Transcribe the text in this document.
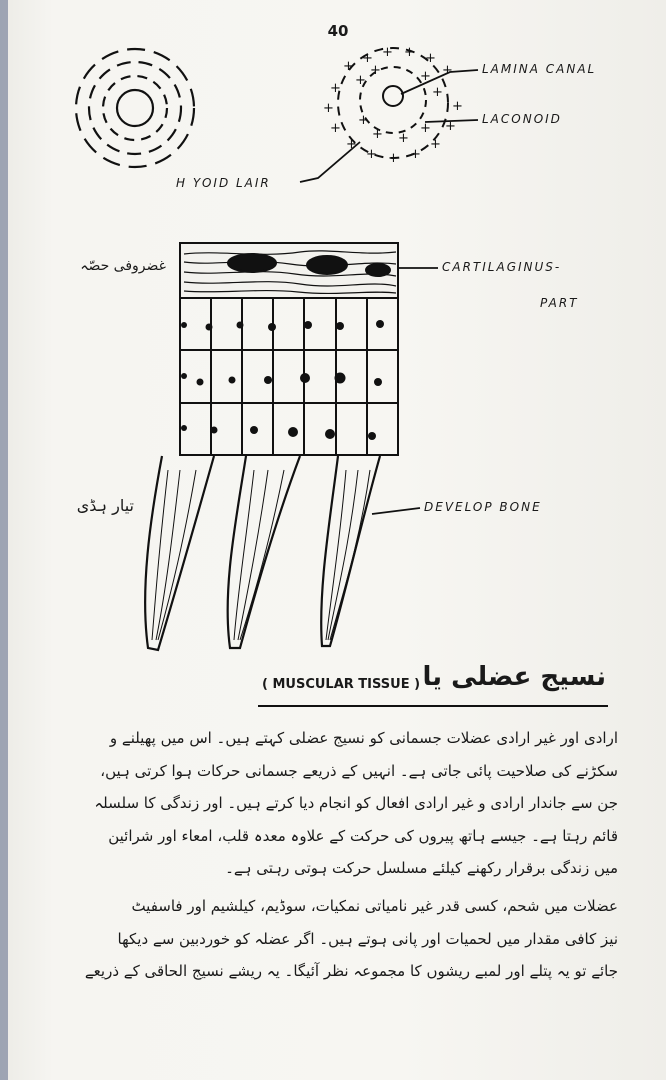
40
+
+ + + +
+
+
+
+
+
+ + +
+
+
+
+
+	+
+
+
+ +
+
LAMINA CANAL
LACONOID
H YOID LAIR
CARTILAGINUS-
PART
DEVELOP BONE
غضروفی حصّہ
تیار ہڈی
( MUSCULAR TISSUE ) نسیج عضلی یا
ارادی اور غیر ارادی عضلات جسمانی کو نسیج عضلی کہتے ہیں۔ اس میں پھیلنے و
سکڑنے کی صلاحیت پائی جاتی ہے۔ انہیں کے ذریعے جسمانی حرکات ہوا کرتی ہیں،
جن سے جاندار ارادی و غیر ارادی افعال کو انجام دیا کرتے ہیں۔ اور زندگی کا سلسلہ
قائم رہتا ہے۔ جیسے ہاتھ پیروں کی حرکت کے علاوہ معدہ قلب، امعاء اور شرائین
میں زندگی برقرار رکھنے کیلئے مسلسل حرکت ہوتی رہتی ہے۔
عضلات میں شحم، کسی قدر غیر نامیاتی نمکیات، سوڈیم، کیلشیم اور فاسفیٹ
نیز کافی مقدار میں لحمیات اور پانی ہوتے ہیں۔ اگر عضلہ کو خوردبین سے دیکھا
جائے تو یہ پتلے اور لمبے ریشوں کا مجموعہ نظر آئیگا۔ یہ ریشے نسیج الحاقی کے ذریعے
